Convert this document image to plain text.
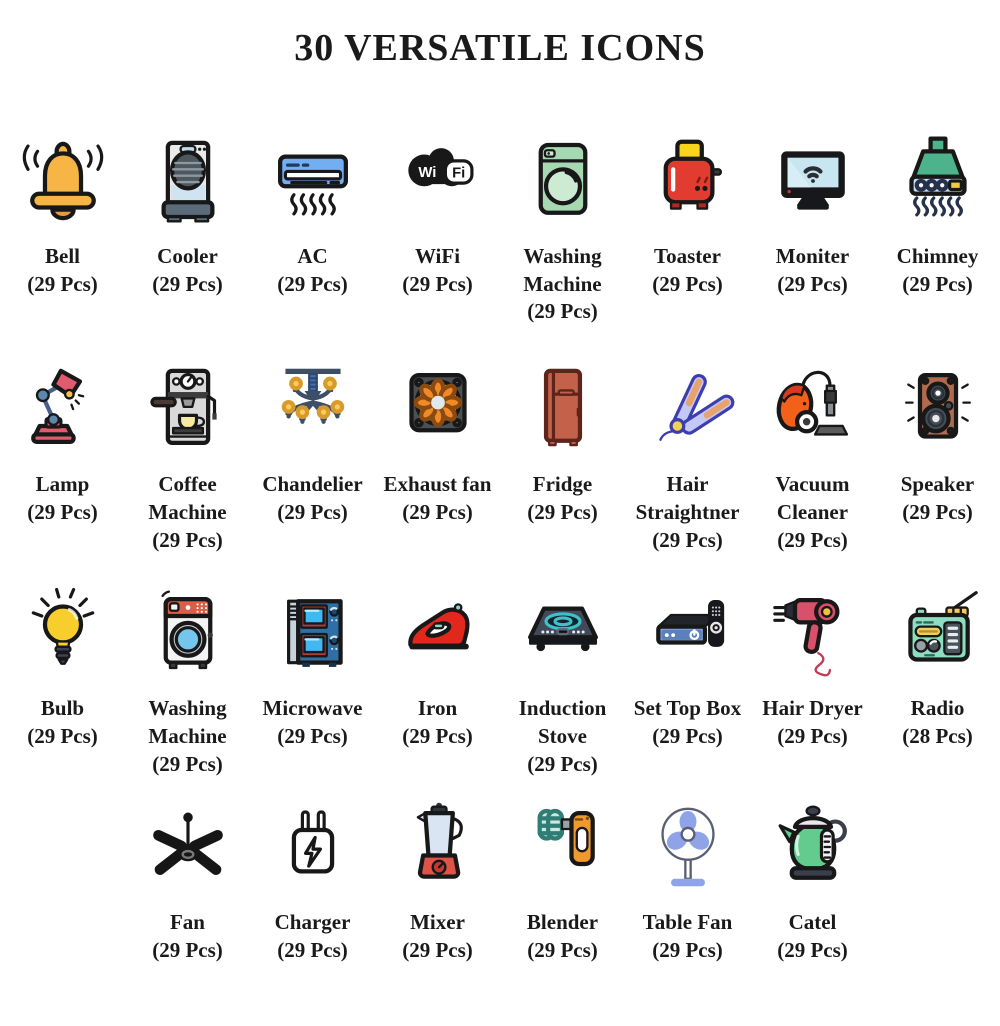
30 VERSATILE ICONS
Bell
(29 Pcs)
Cooler
(29 Pcs)
AC
(29 Pcs)
Wi Fi
WiFi
(29 Pcs)
Washing Machine
(29 Pcs)
Toaster
(29 Pcs)
Moniter
(29 Pcs)
Chimney
(29 Pcs)
Lamp
(29 Pcs)
Coffee Machine
(29 Pcs)
Chandelier
(29 Pcs)
Exhaust fan
(29 Pcs)
Fridge
(29 Pcs)
Hair Straightner
(29 Pcs)
Vacuum Cleaner
(29 Pcs)
Speaker
(29 Pcs)
Bulb
(29 Pcs)
Washing Machine
(29 Pcs)
Microwave
(29 Pcs)
Iron
(29 Pcs)
Induction Stove
(29 Pcs)
Set Top Box
(29 Pcs)
Hair Dryer
(29 Pcs)
Radio
(28 Pcs)
Fan
(29 Pcs)
Charger
(29 Pcs)
Mixer
(29 Pcs)
Blender
(29 Pcs)
Table Fan
(29 Pcs)
Catel
(29 Pcs)
